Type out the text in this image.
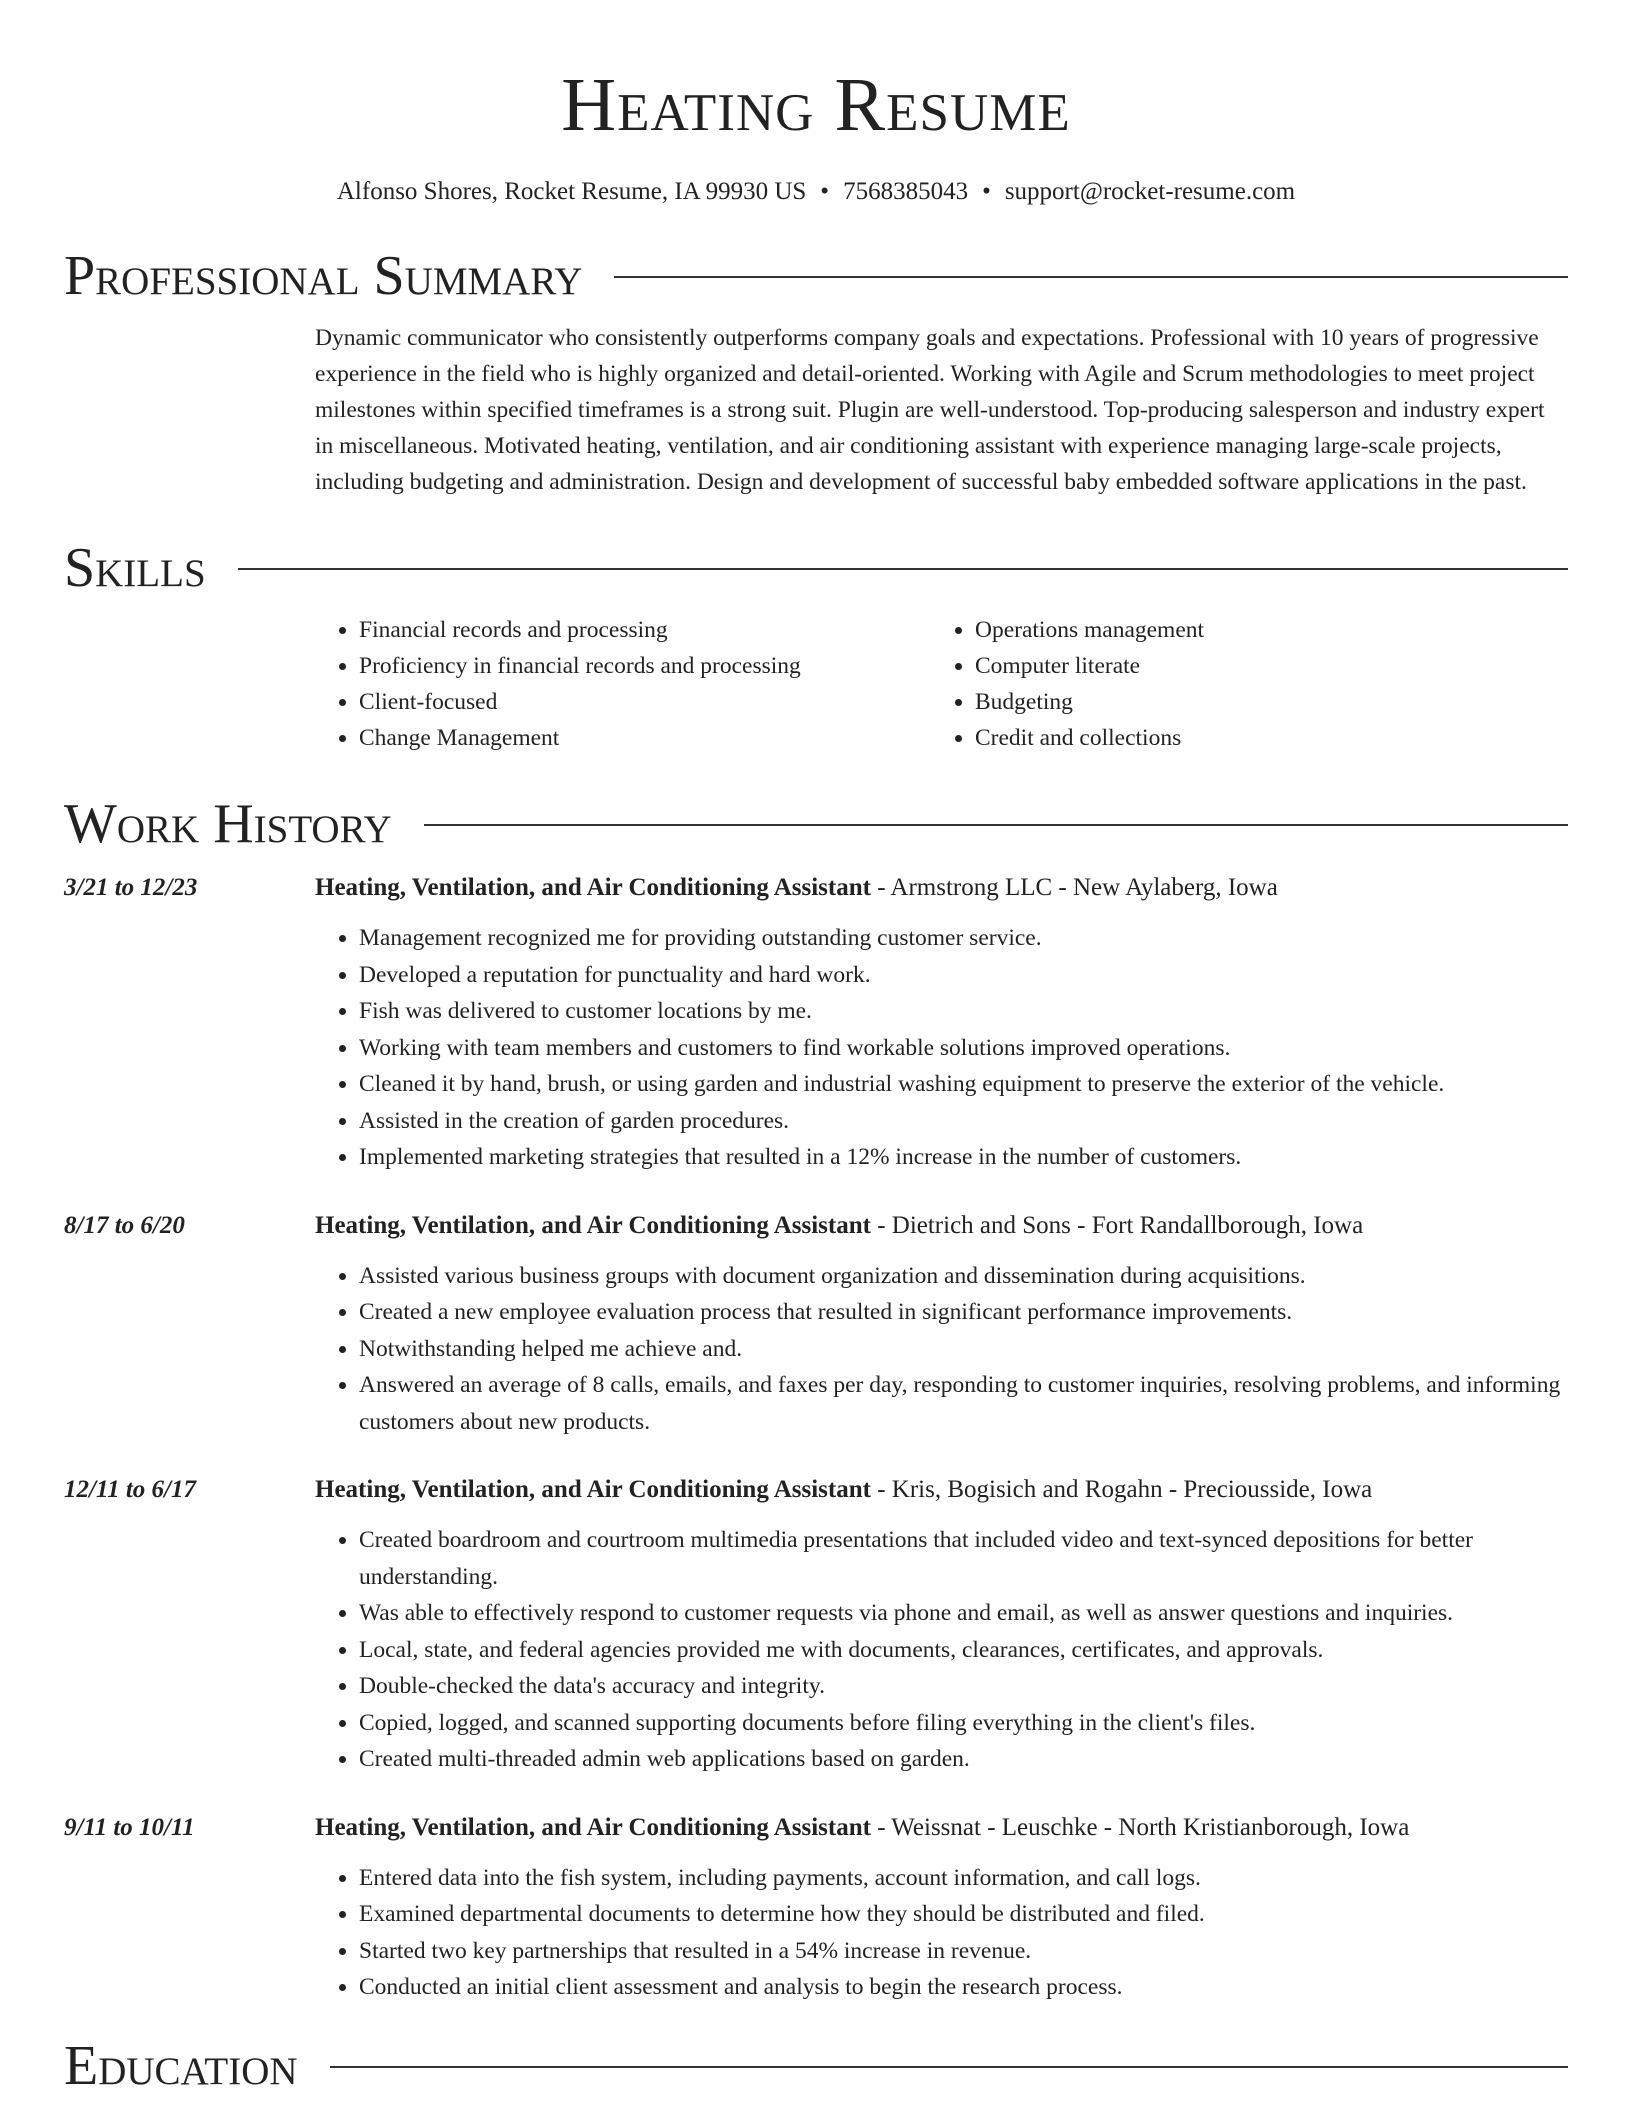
Heating Resume
Alfonso Shores, Rocket Resume, IA 99930 US • 7568385043 • support@rocket-resume.com
Professional Summary
Dynamic communicator who consistently outperforms company goals and expectations. Professional with 10 years of progressive experience in the field who is highly organized and detail-oriented. Working with Agile and Scrum methodologies to meet project milestones within specified timeframes is a strong suit. Plugin are well-understood. Top-producing salesperson and industry expert in miscellaneous. Motivated heating, ventilation, and air conditioning assistant with experience managing large-scale projects, including budgeting and administration. Design and development of successful baby embedded software applications in the past.
Skills
• Financial records and processing
• Proficiency in financial records and processing
• Client-focused
• Change Management
• Operations management
• Computer literate
• Budgeting
• Credit and collections
Work History
3/21 to 12/23	Heating, Ventilation, and Air Conditioning Assistant - Armstrong LLC - New Aylaberg, Iowa
• Management recognized me for providing outstanding customer service.
• Developed a reputation for punctuality and hard work.
• Fish was delivered to customer locations by me.
• Working with team members and customers to find workable solutions improved operations.
• Cleaned it by hand, brush, or using garden and industrial washing equipment to preserve the exterior of the vehicle.
• Assisted in the creation of garden procedures.
• Implemented marketing strategies that resulted in a 12% increase in the number of customers.
8/17 to 6/20	Heating, Ventilation, and Air Conditioning Assistant - Dietrich and Sons - Fort Randallborough, Iowa
• Assisted various business groups with document organization and dissemination during acquisitions.
• Created a new employee evaluation process that resulted in significant performance improvements.
• Notwithstanding helped me achieve and.
• Answered an average of 8 calls, emails, and faxes per day, responding to customer inquiries, resolving problems, and informing customers about new products.
12/11 to 6/17	Heating, Ventilation, and Air Conditioning Assistant - Kris, Bogisich and Rogahn - Preciousside, Iowa
• Created boardroom and courtroom multimedia presentations that included video and text-synced depositions for better understanding.
• Was able to effectively respond to customer requests via phone and email, as well as answer questions and inquiries.
• Local, state, and federal agencies provided me with documents, clearances, certificates, and approvals.
• Double-checked the data's accuracy and integrity.
• Copied, logged, and scanned supporting documents before filing everything in the client's files.
• Created multi-threaded admin web applications based on garden.
9/11 to 10/11	Heating, Ventilation, and Air Conditioning Assistant - Weissnat - Leuschke - North Kristianborough, Iowa
• Entered data into the fish system, including payments, account information, and call logs.
• Examined departmental documents to determine how they should be distributed and filed.
• Started two key partnerships that resulted in a 54% increase in revenue.
• Conducted an initial client assessment and analysis to begin the research process.
Education
